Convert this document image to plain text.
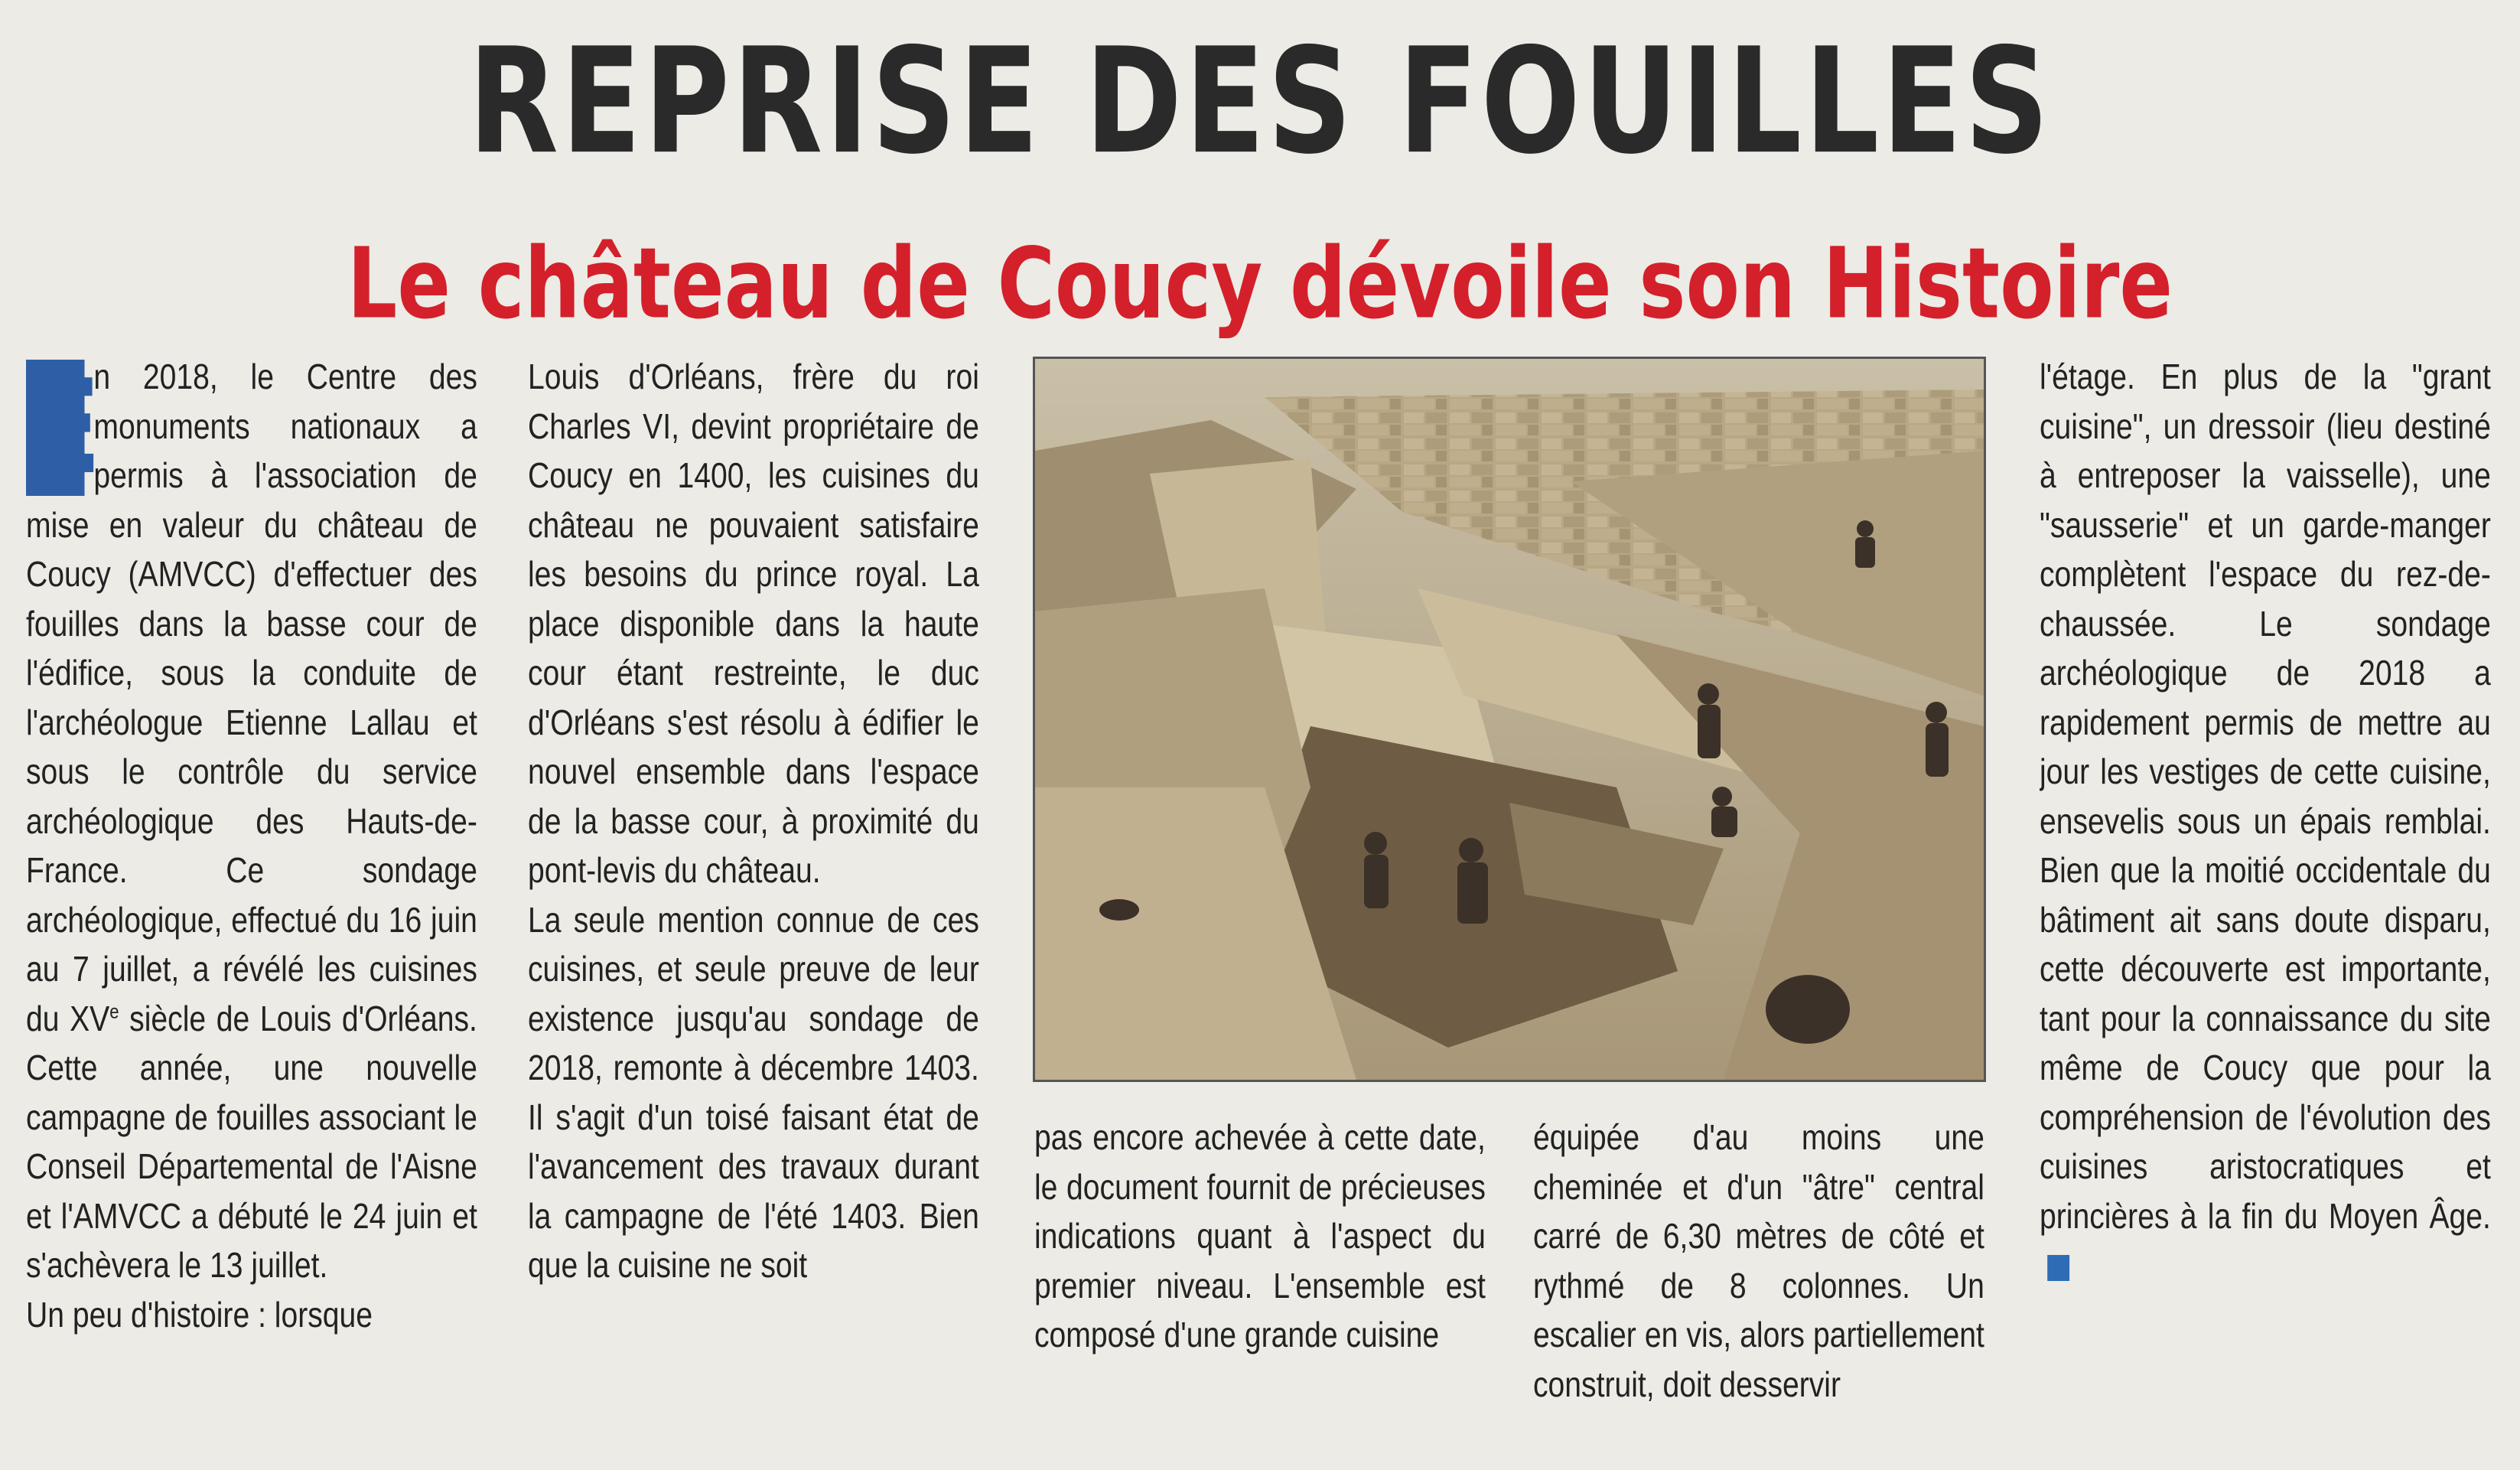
REPRISE DES FOUILLES
Le château de Coucy dévoile son Histoire

E
n 2018, le Centre des monuments nationaux a permis à l'association de mise en valeur du château de Coucy (AMVCC) d'effectuer des fouilles dans la basse cour de l'édifice, sous la conduite de l'archéologue Etienne Lallau et sous le contrôle du service archéologique des Hauts-de-France. Ce sondage archéologique, effectué du 16 juin au 7 juillet, a révélé les cuisines du XVe siècle de Louis d'Orléans. Cette année, une nouvelle campagne de fouilles associant le Conseil Départemental de l'Aisne et l'AMVCC a débuté le 24 juin et s'achèvera le 13 juillet.

Un peu d'histoire : lorsque

Louis d'Orléans, frère du roi Charles VI, devint propriétaire de Coucy en 1400, les cuisines du château ne pouvaient satisfaire les besoins du prince royal. La place disponible dans la haute cour étant restreinte, le duc d'Orléans s'est résolu à édifier le nouvel ensemble dans l'espace de la basse cour, à proximité du pont-levis du château.

La seule mention connue de ces cuisines, et seule preuve de leur existence jusqu'au sondage de 2018, remonte à décembre 1403. Il s'agit d'un toisé faisant état de l'avancement des travaux durant la campagne de l'été 1403. Bien que la cuisine ne soit

pas encore achevée à cette date, le document fournit de précieuses indications quant à l'aspect du premier niveau. L'ensemble est composé d'une grande cuisine

équipée d'au moins une cheminée et d'un "âtre" central carré de 6,30 mètres de côté et rythmé de 8 colonnes. Un escalier en vis, alors partiellement construit, doit desservir

l'étage. En plus de la "grant cuisine", un dressoir (lieu destiné à entreposer la vaisselle), une "sausserie" et un garde-manger complètent l'espace du rez-de-chaussée. Le sondage archéologique de 2018 a rapidement permis de mettre au jour les vestiges de cette cuisine, ensevelis sous un épais remblai. Bien que la moitié occidentale du bâtiment ait sans doute disparu, cette découverte est importante, tant pour la connaissance du site même de Coucy que pour la compréhension de l'évolution des cuisines aristocratiques et princières à la fin du Moyen Âge.
